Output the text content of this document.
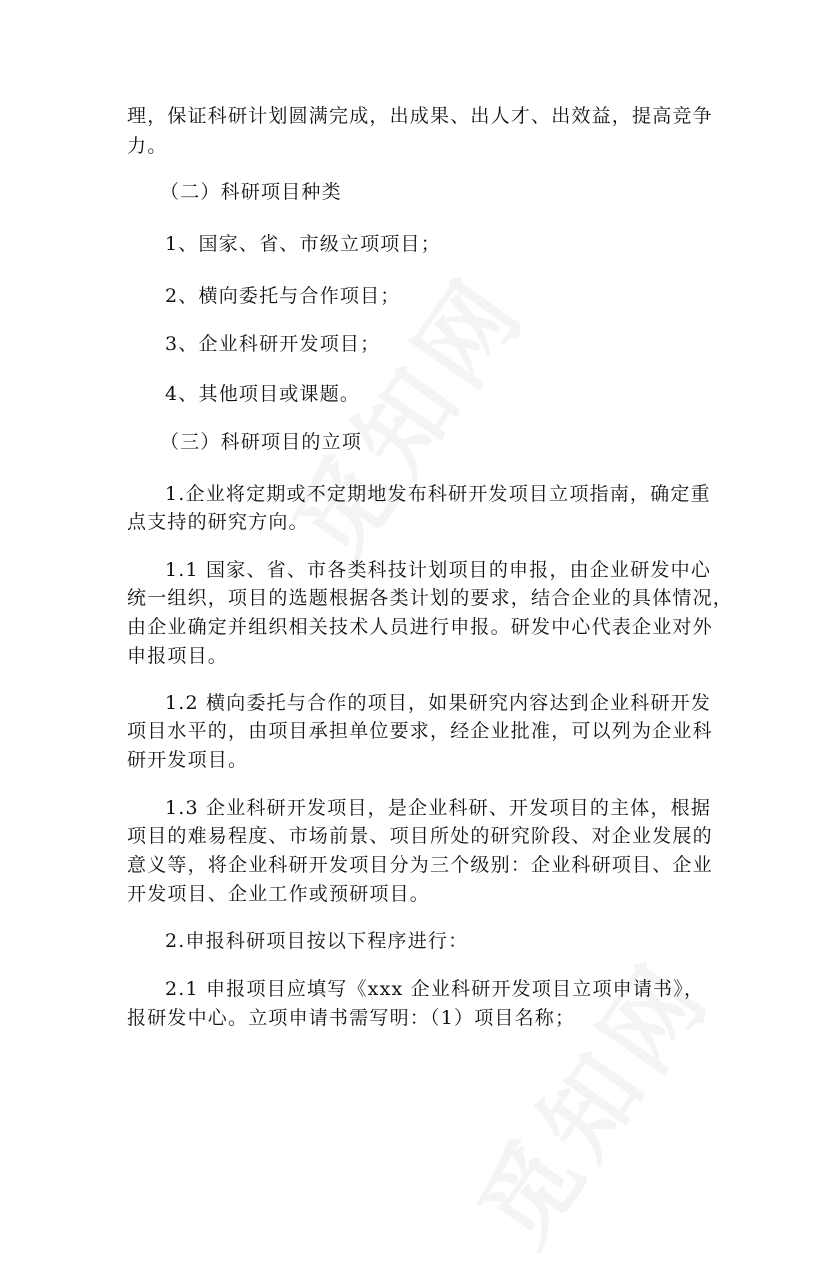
理，保证科研计划圆满完成，出成果、出人才、出效益，提高竞争
力。
（二）科研项目种类
1、国家、省、市级立项项目；
2、横向委托与合作项目；
3、企业科研开发项目；
4、其他项目或课题。
（三）科研项目的立项
1.企业将定期或不定期地发布科研开发项目立项指南，确定重
点支持的研究方向。
1.1 国家、省、市各类科技计划项目的申报，由企业研发中心
统一组织，项目的选题根据各类计划的要求，结合企业的具体情况，
由企业确定并组织相关技术人员进行申报。研发中心代表企业对外
申报项目。
1.2 横向委托与合作的项目，如果研究内容达到企业科研开发
项目水平的，由项目承担单位要求，经企业批准，可以列为企业科
研开发项目。
1.3 企业科研开发项目，是企业科研、开发项目的主体，根据
项目的难易程度、市场前景、项目所处的研究阶段、对企业发展的
意义等，将企业科研开发项目分为三个级别：企业科研项目、企业
开发项目、企业工作或预研项目。
2.申报科研项目按以下程序进行：
2.1 申报项目应填写《xxx 企业科研开发项目立项申请书》，
报研发中心。立项申请书需写明：（1）项目名称；
